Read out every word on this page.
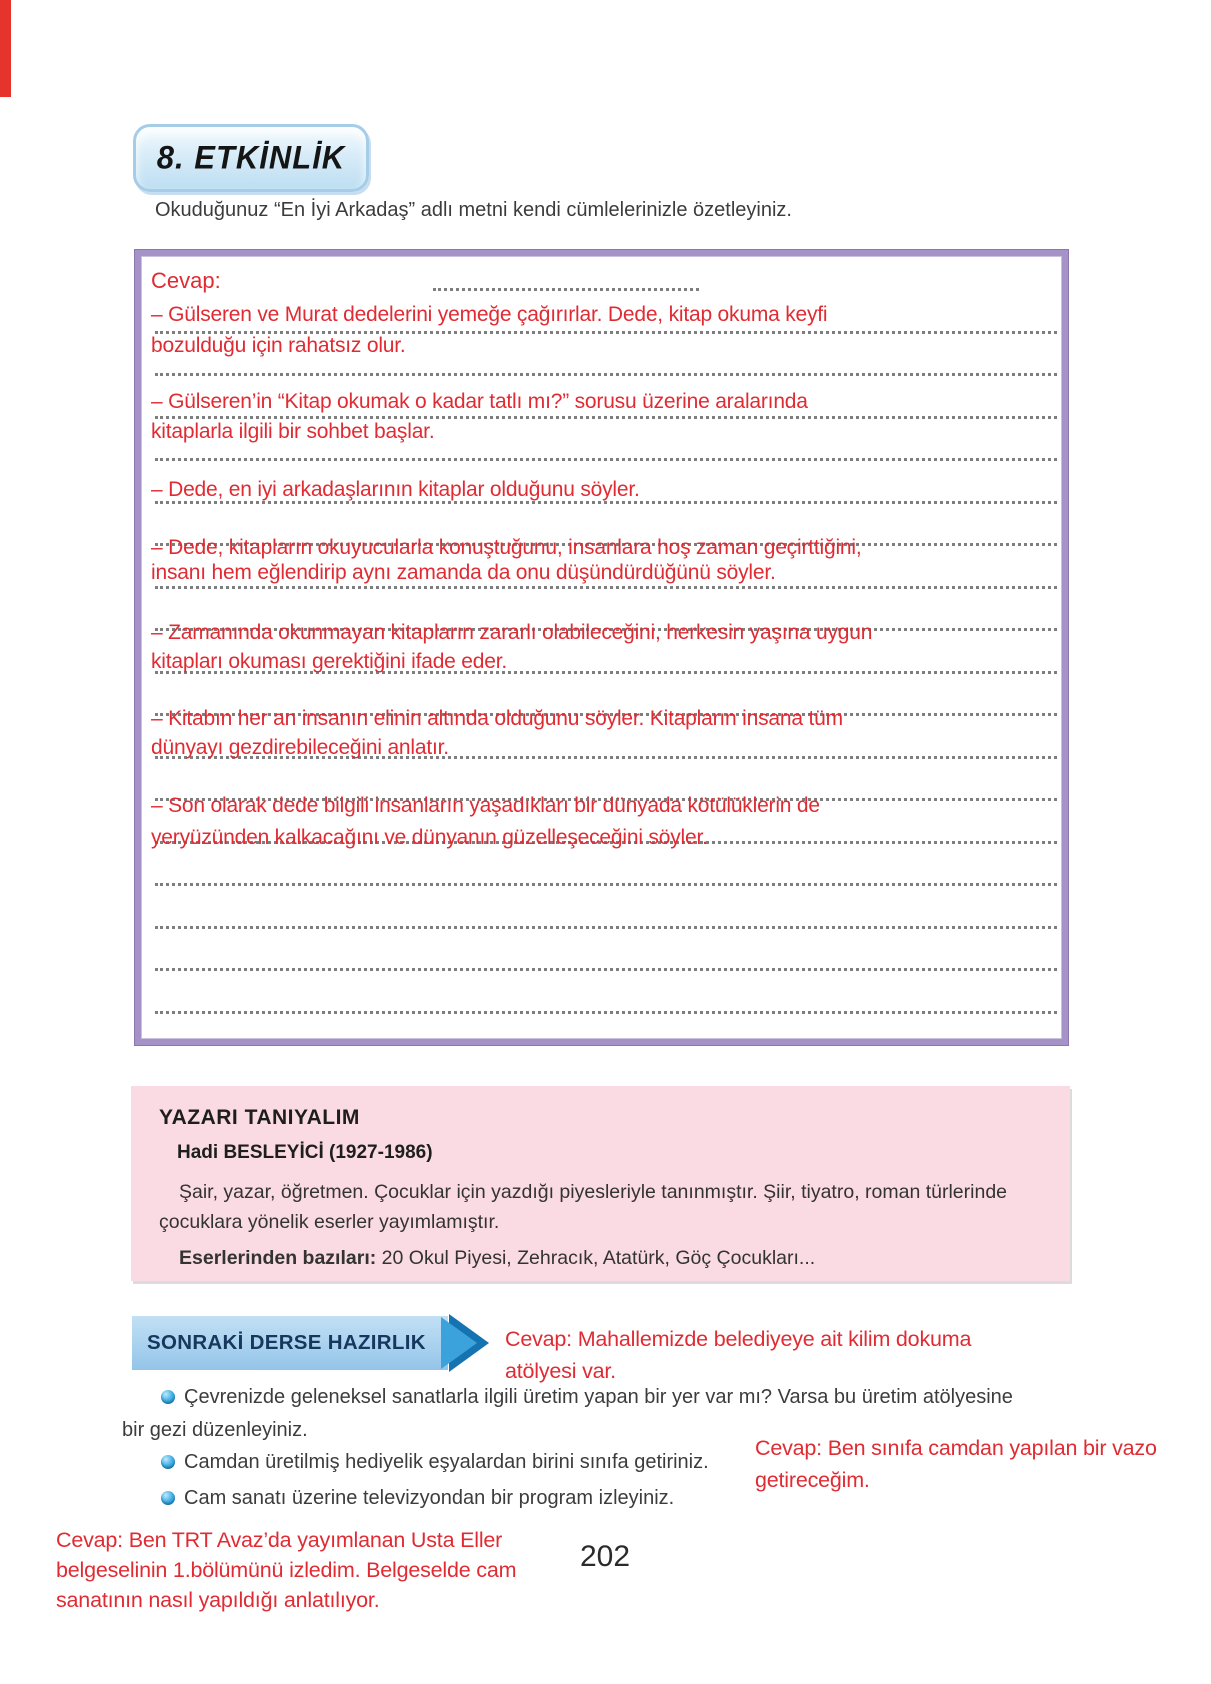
8. ETKİNLİK
Okuduğunuz “En İyi Arkadaş” adlı metni kendi cümlelerinizle özetleyiniz.
Cevap:
– Gülseren ve Murat dedelerini yemeğe çağırırlar. Dede, kitap okuma keyfi
bozulduğu için rahatsız olur.
– Gülseren’in “Kitap okumak o kadar tatlı mı?” sorusu üzerine aralarında
kitaplarla ilgili bir sohbet başlar.
– Dede, en iyi arkadaşlarının kitaplar olduğunu söyler.
– Dede, kitapların okuyucularla konuştuğunu, insanlara hoş zaman geçirttiğini,
insanı hem eğlendirip aynı zamanda da onu düşündürdüğünü söyler.
– Zamanında okunmayan kitapların zararlı olabileceğini, herkesin yaşına uygun
kitapları okuması gerektiğini ifade eder.
– Kitabın her an insanın elinin altında olduğunu söyler. Kitapların insana tüm
dünyayı gezdirebileceğini anlatır.
– Son olarak dede bilgili insanların yaşadıkları bir dünyada kötülüklerin de
yeryüzünden kalkacağını ve dünyanın güzelleşeceğini söyler.
YAZARI TANIYALIM
Hadi BESLEYİCİ (1927-1986)
Şair, yazar, öğretmen. Çocuklar için yazdığı piyesleriyle tanınmıştır. Şiir, tiyatro, roman türlerinde çocuklara yönelik eserler yayımlamıştır.
Eserlerinden bazıları: 20 Okul Piyesi, Zehracık, Atatürk, Göç Çocukları...
SONRAKİ DERSE HAZIRLIK	Cevap: Mahallemizde belediyeye ait kilim dokuma
atölyesi var.
Çevrenizde geleneksel sanatlarla ilgili üretim yapan bir yer var mı? Varsa bu üretim atölyesine
bir gezi düzenleyiniz.
Camdan üretilmiş hediyelik eşyalardan birini sınıfa getiriniz.
Cevap: Ben sınıfa camdan yapılan bir vazo
getireceğim.
Cam sanatı üzerine televizyondan bir program izleyiniz.
Cevap: Ben TRT Avaz’da yayımlanan Usta Eller
belgeselinin 1.bölümünü izledim. Belgeselde cam
sanatının nasıl yapıldığı anlatılıyor.
202
